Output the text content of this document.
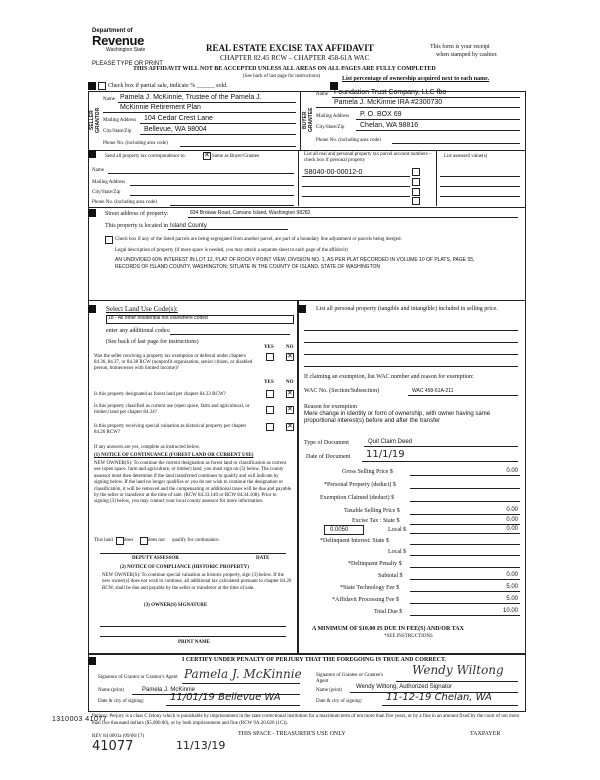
Department of
Revenue
Washington State
PLEASE TYPE OR PRINT
REAL ESTATE EXCISE TAX AFFIDAVIT
CHAPTER 82.45 RCW – CHAPTER 458-61A WAC
THIS AFFIDAVIT WILL NOT BE ACCEPTED UNLESS ALL AREAS ON ALL PAGES ARE FULLY COMPLETED
This form is your receipt
when stamped by cashier.
(See back of last page for instructions)
Check box if partial sale, indicate % ______ sold.
List percentage of ownership acquired next to each name.
SELLER GRANTOR	BUYER GRANTEE
Name Pamela J. McKinnie, Trustee of the Pamela J.
McKinnie Retirement Plan
Mailing Address 104 Cedar Crest Lane
City/State/Zip Bellevue, WA 98004
Phone No. (including area code)
Name Foundation Trust Company, LLC fbo
Pamela J. McKinnie IRA #2300730
Mailing Address P. O. BOX 69
City/State/Zip Chelan, WA 98816
Phone No. (including area code)
Send all property tax correspondence to:
✕	Same as Buyer/Grantee
Name
Mailing Address
City/State/Zip
Phone No. (including area code)
List all real and personal property tax parcel account numbers – check box if personal property
List assessed value(s)
S8040-00-00012-0
Street address of property:	834 Brokaw Road, Camano Island, Washington 98282
This property is located in Island County
Check box if any of the listed parcels are being segregated from another parcel, are part of a boundary line adjustment or parcels being merged.
Legal description of property (if more space is needed, you may attach a separate sheet to each page of the affidavit)
AN UNDIVIDED 60% INTEREST IN LOT 12, PLAT OF ROCKY POINT VIEW, DIVISION NO. 1, AS PER PLAT RECORDED IN VOLUME 10 OF PLATS, PAGE 55, RECORDS OF ISLAND COUNTY, WASHINGTON; SITUATE IN THE COUNTY OF ISLAND, STATE OF WASHINGTON
Select Land Use Code(s):
18 - All other residential not elsewhere coded
enter any additional codes:
(See back of last page for instructions)
YES NO
Was the seller receiving a property tax exemption or deferral under chapters 84.36, 84.37, or 84.38 RCW (nonprofit organization, senior citizen, or disabled person, homeowner with limited income)?
✕
YES NO
Is this property designated as forest land per chapter 84.33 RCW?
✕
Is this property classified as current use (open space, farm and agricultural, or timber) land per chapter 84.34?
✕
Is this property receiving special valuation as historical property per chapter 84.26 RCW?
✕
If any answers are yes, complete as instructed below.
(1) NOTICE OF CONTINUANCE (FOREST LAND OR CURRENT USE)
NEW OWNER(S): To continue the current designation as forest land or classification as current use (open space, farm and agriculture, or timber) land, you must sign on (3) below. The county assessor must then determine if the land transferred continues to qualify and will indicate by signing below. If the land no longer qualifies or you do not wish to continue the designation or classification, it will be removed and the compensating or additional taxes will be due and payable by the seller or transferor at the time of sale. (RCW 84.33.140 or RCW 84.34.108). Prior to signing (3) below, you may contact your local county assessor for more information.
This land does	does not qualify for continuance.
DEPUTY ASSESSOR	DATE
(2) NOTICE OF COMPLIANCE (HISTORIC PROPERTY)
NEW OWNER(S): To continue special valuation as historic property, sign (3) below. If the new owner(s) does not wish to continue, all additional tax calculated pursuant to chapter 84.26 RCW, shall be due and payable by the seller or transferor at the time of sale.
(3) OWNER(S) SIGNATURE
PRINT NAME
List all personal property (tangible and intangible) included in selling price.
If claiming an exemption, list WAC number and reason for exemption:
WAC No. (Section/Subsection)	WAC 458-61A-211
Reason for exemption
Mere change in identity or form of ownership, with owner having same proportional interest(s) before and after the transfer
Type of Document	Quit Claim Deed
Date of Document 11/1/19
Gross Selling Price $	0.00
*Personal Property (deduct) $
Exemption Claimed (deduct) $
Taxable Selling Price $	0.00
Excise Tax : State $	0.00
0.0050	Local $	0.00
*Delinquent Interest: State $
Local $
*Delinquent Penalty $
Subtotal $	0.00
*State Technology Fee $	5.00
*Affidavit Processing Fee $	5.00
Total Due $	10.00
A MINIMUM OF $10.00 IS DUE IN FEE(S) AND/OR TAX
*SEE INSTRUCTIONS
I CERTIFY UNDER PENALTY OF PERJURY THAT THE FOREGOING IS TRUE AND CORRECT.
Signature of Grantor or Grantor's Agent Pamela J. McKinnie
Name (print)	Pamela J. McKinnie
Date & city of signing:	11/01/19 Bellevue WA
Signature of Grantee or Grantee's Agent
Wendy Wiltong
Name (print)
Wendy Wiltong, Authorized Signator
Date & city of signing: 11-12-19 Chelan, WA
Perjury: Perjury is a class C felony which is punishable by imprisonment in the state correctional institution for a maximum term of not more than five years, or by a fine in an amount fixed by the court of not more than five thousand dollars ($5,000.00), or by both imprisonment and fine (RCW 9A.20.020 (1C)).
1310003 41077
REV 84 0001a (09/06/17)	THIS SPACE - TREASURER'S USE ONLY	TAXPAYER
41077	11/13/19
